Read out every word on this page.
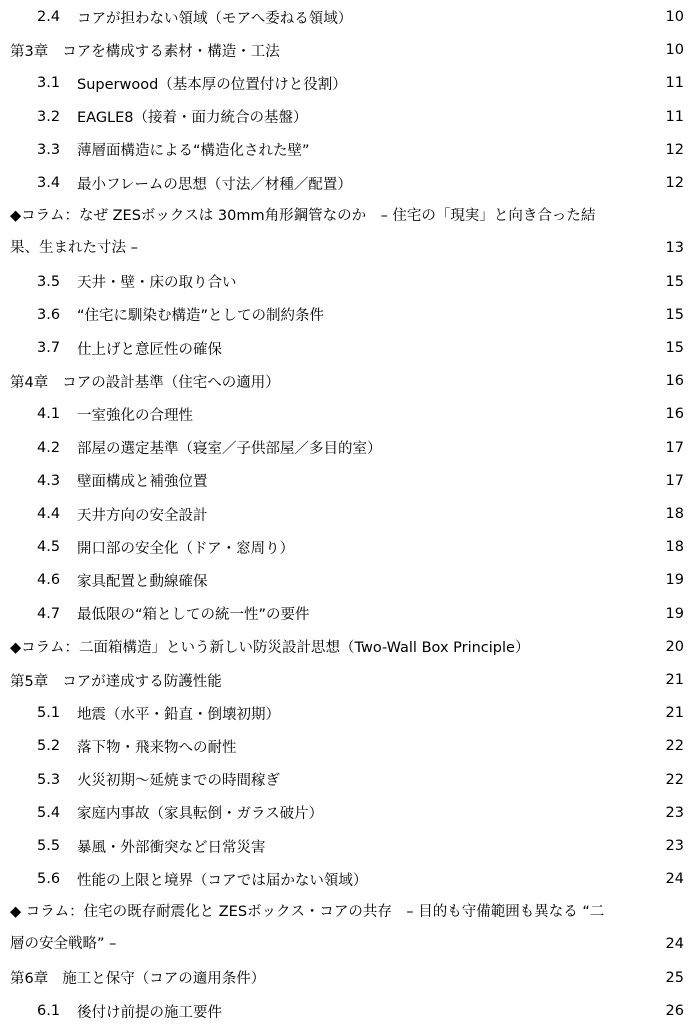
2.4	コアが担わない領域（モアへ委ねる領域）	10
第3章 コアを構成する素材・構造・工法	10
3.1	Superwood（基本厚の位置付けと役割）	11
3.2	EAGLE8（接着・面力統合の基盤）	11
3.3	薄層面構造による“構造化された壁”	12
3.4	最小フレームの思想（寸法／材種／配置）	12
◆コラム：なぜ ZESボックスは 30mm角形鋼管なのか　– 住宅の「現実」と向き合った結
果、生まれた寸法 –	13
3.5	天井・壁・床の取り合い	15
3.6	“住宅に馴染む構造”としての制約条件	15
3.7	仕上げと意匠性の確保	15
第4章 コアの設計基準（住宅への適用）	16
4.1	一室強化の合理性	16
4.2	部屋の選定基準（寝室／子供部屋／多目的室）	17
4.3	壁面構成と補強位置	17
4.4	天井方向の安全設計	18
4.5	開口部の安全化（ドア・窓周り）	18
4.6	家具配置と動線確保	19
4.7	最低限の“箱としての統一性”の要件	19
◆コラム：二面箱構造」という新しい防災設計思想（Two-Wall Box Principle）	20
第5章 コアが達成する防護性能	21
5.1	地震（水平・鉛直・倒壊初期）	21
5.2	落下物・飛来物への耐性	22
5.3	火災初期〜延焼までの時間稼ぎ	22
5.4	家庭内事故（家具転倒・ガラス破片）	23
5.5	暴風・外部衝突など日常災害	23
5.6	性能の上限と境界（コアでは届かない領域）	24
◆ コラム：住宅の既存耐震化と ZESボックス・コアの共存　– 目的も守備範囲も異なる “二
層の安全戦略” –	24
第6章 施工と保守（コアの適用条件）	25
6.1	後付け前提の施工要件	26
